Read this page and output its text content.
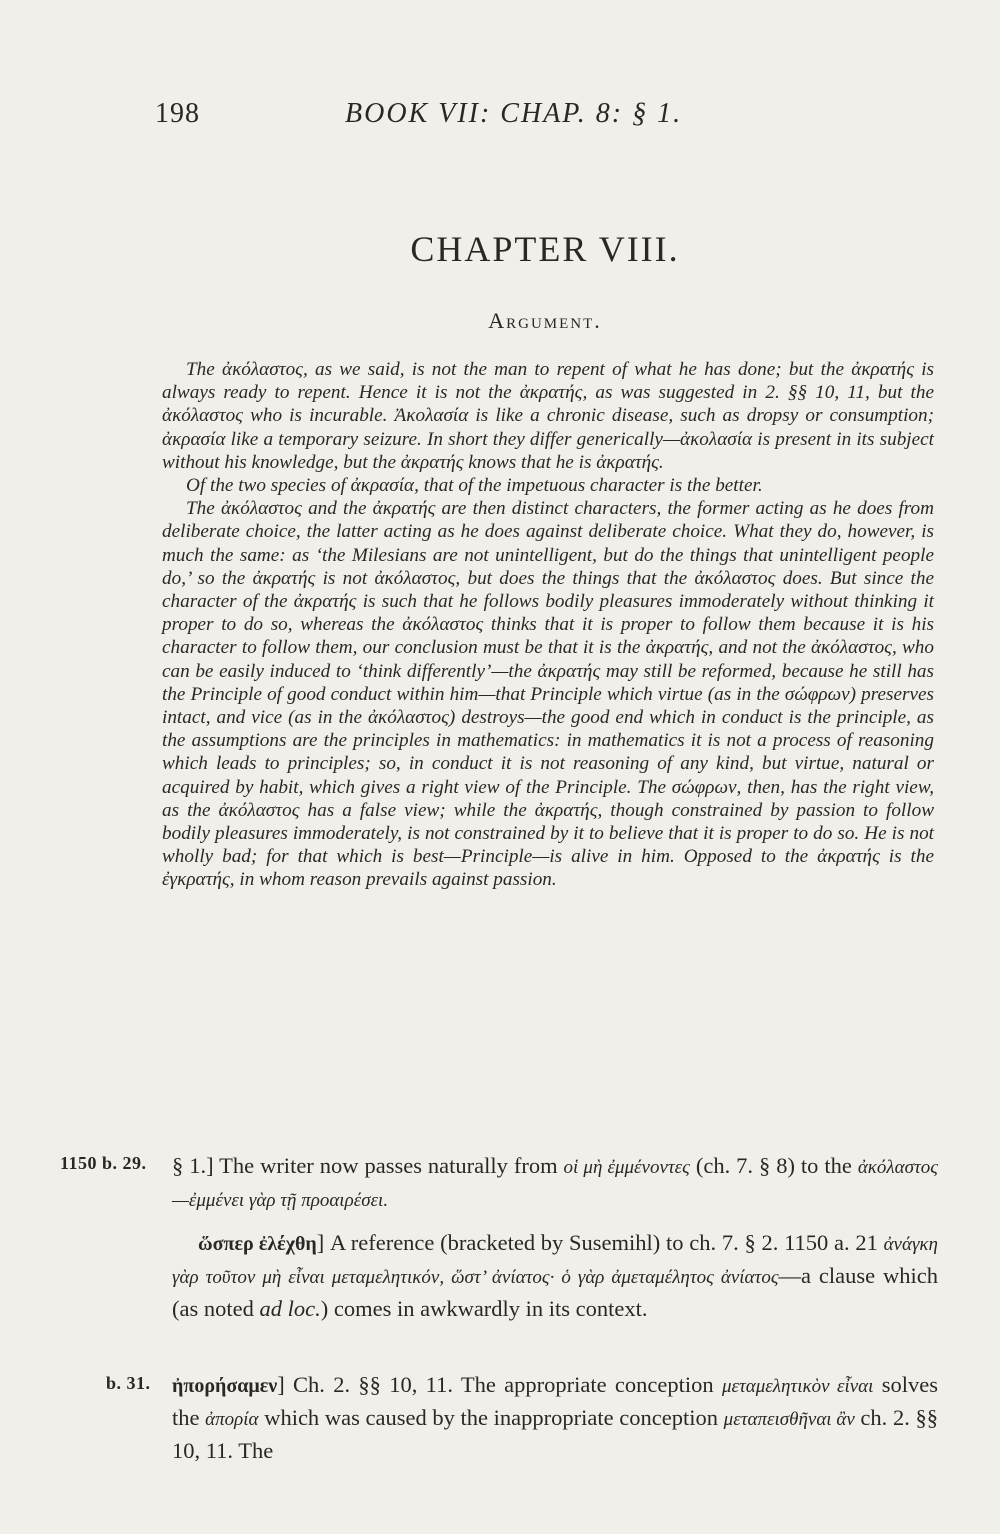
198	BOOK VII: CHAP. 8: § 1.
CHAPTER VIII.
Argument.

The ἀκόλαστος, as we said, is not the man to repent of what he has done; but the ἀκρατής is always ready to repent. Hence it is not the ἀκρατής, as was suggested in 2. §§ 10, 11, but the ἀκόλαστος who is incurable. Ἀκολασία is like a chronic disease, such as dropsy or consumption; ἀκρασία like a temporary seizure. In short they differ generically—ἀκολασία is present in its subject without his knowledge, but the ἀκρατής knows that he is ἀκρατής.

Of the two species of ἀκρασία, that of the impetuous character is the better.

The ἀκόλαστος and the ἀκρατής are then distinct characters, the former acting as he does from deliberate choice, the latter acting as he does against deliberate choice. What they do, however, is much the same: as ‘the Milesians are not unintelligent, but do the things that unintelligent people do,’ so the ἀκρατής is not ἀκόλαστος, but does the things that the ἀκόλαστος does. But since the character of the ἀκρατής is such that he follows bodily pleasures immoderately without thinking it proper to do so, whereas the ἀκόλαστος thinks that it is proper to follow them because it is his character to follow them, our conclusion must be that it is the ἀκρατής, and not the ἀκόλαστος, who can be easily induced to ‘think differently’—the ἀκρατής may still be reformed, because he still has the Principle of good conduct within him—that Principle which virtue (as in the σώφρων) preserves intact, and vice (as in the ἀκόλαστος) destroys—the good end which in conduct is the principle, as the assumptions are the principles in mathematics: in mathematics it is not a process of reasoning which leads to principles; so, in conduct it is not reasoning of any kind, but virtue, natural or acquired by habit, which gives a right view of the Principle. The σώφρων, then, has the right view, as the ἀκόλαστος has a false view; while the ἀκρατής, though constrained by passion to follow bodily pleasures immoderately, is not constrained by it to believe that it is proper to do so. He is not wholly bad; for that which is best—Principle—is alive in him. Opposed to the ἀκρατής is the ἐγκρατής, in whom reason prevails against passion.

1150 b. 29. § 1.] The writer now passes naturally from οἱ μὴ ἐμμένοντες (ch. 7. § 8) to the ἀκόλαστος—ἐμμένει γὰρ τῇ προαιρέσει.
ὥσπερ ἐλέχθη] A reference (bracketed by Susemihl) to ch. 7. § 2. 1150 a. 21 ἀνάγκη γὰρ τοῦτον μὴ εἶναι μεταμελητικόν, ὥστ’ ἀνίατος· ὁ γὰρ ἀμεταμέλητος ἀνίατος—a clause which (as noted ad loc.) comes in awkwardly in its context.
b. 31. ἠπορήσαμεν] Ch. 2. §§ 10, 11. The appropriate conception μεταμελητικὸν εἶναι solves the ἀπορία which was caused by the inappropriate conception μεταπεισθῆναι ἂν ch. 2. §§ 10, 11. The
